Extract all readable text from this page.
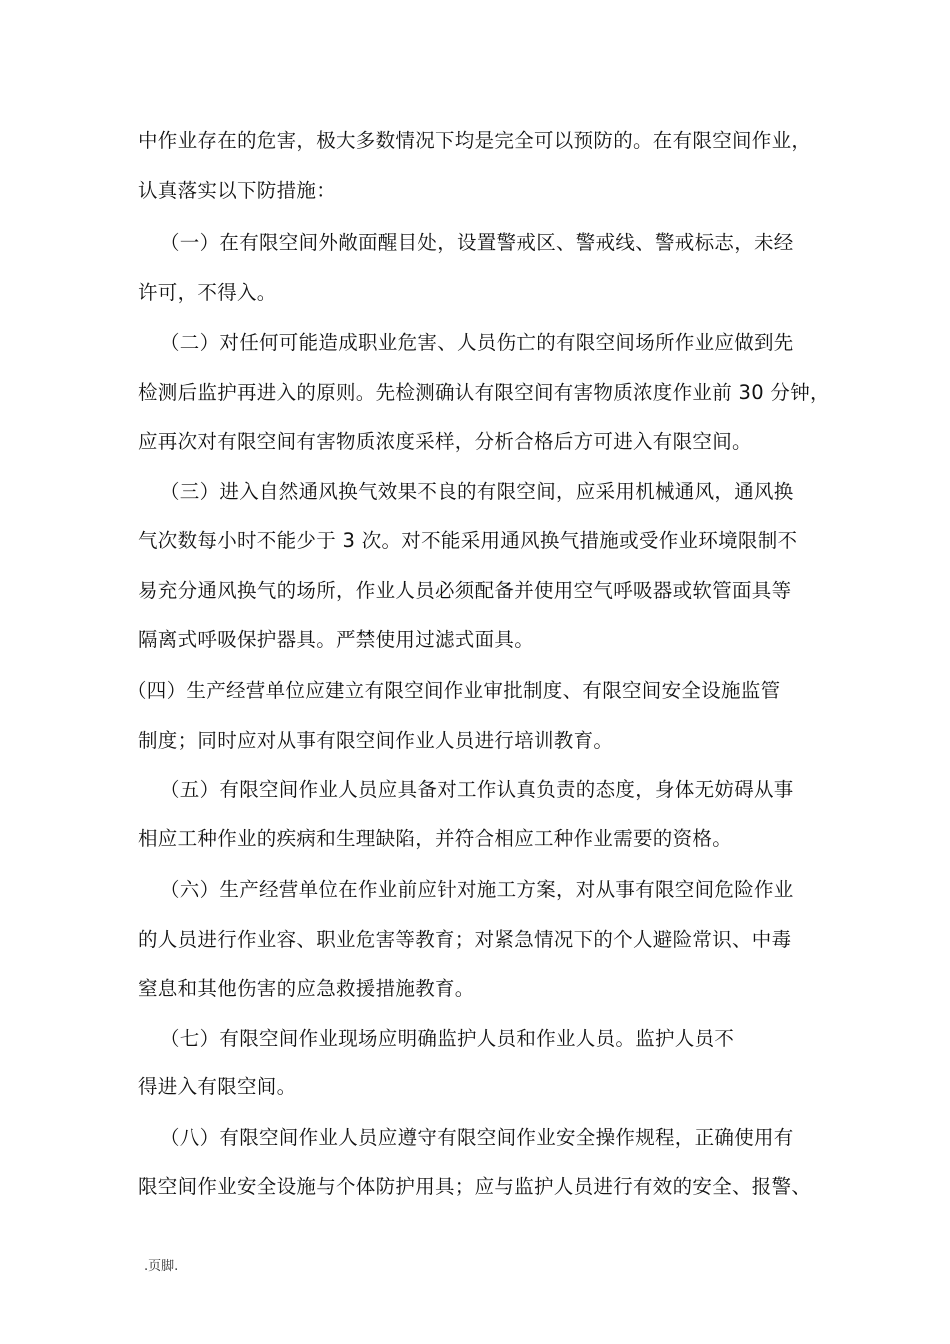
中作业存在的危害，极大多数情况下均是完全可以预防的。在有限空间作业，
认真落实以下防措施：
（一）在有限空间外敞面醒目处，设置警戒区、警戒线、警戒标志，未经
许可，不得入。
（二）对任何可能造成职业危害、人员伤亡的有限空间场所作业应做到先
检测后监护再进入的原则。先检测确认有限空间有害物质浓度作业前 30 分钟，
应再次对有限空间有害物质浓度采样，分析合格后方可进入有限空间。
（三）进入自然通风换气效果不良的有限空间，应采用机械通风，通风换
气次数每小时不能少于 3 次。对不能采用通风换气措施或受作业环境限制不
易充分通风换气的场所，作业人员必须配备并使用空气呼吸器或软管面具等
隔离式呼吸保护器具。严禁使用过滤式面具。
（四）生产经营单位应建立有限空间作业审批制度、有限空间安全设施监管
制度；同时应对从事有限空间作业人员进行培训教育。
（五）有限空间作业人员应具备对工作认真负责的态度，身体无妨碍从事
相应工种作业的疾病和生理缺陷，并符合相应工种作业需要的资格。
（六）生产经营单位在作业前应针对施工方案，对从事有限空间危险作业
的人员进行作业容、职业危害等教育；对紧急情况下的个人避险常识、中毒
窒息和其他伤害的应急救援措施教育。
（七）有限空间作业现场应明确监护人员和作业人员。监护人员不
得进入有限空间。
（八）有限空间作业人员应遵守有限空间作业安全操作规程，正确使用有
限空间作业安全设施与个体防护用具；应与监护人员进行有效的安全、报警、
.页脚.
